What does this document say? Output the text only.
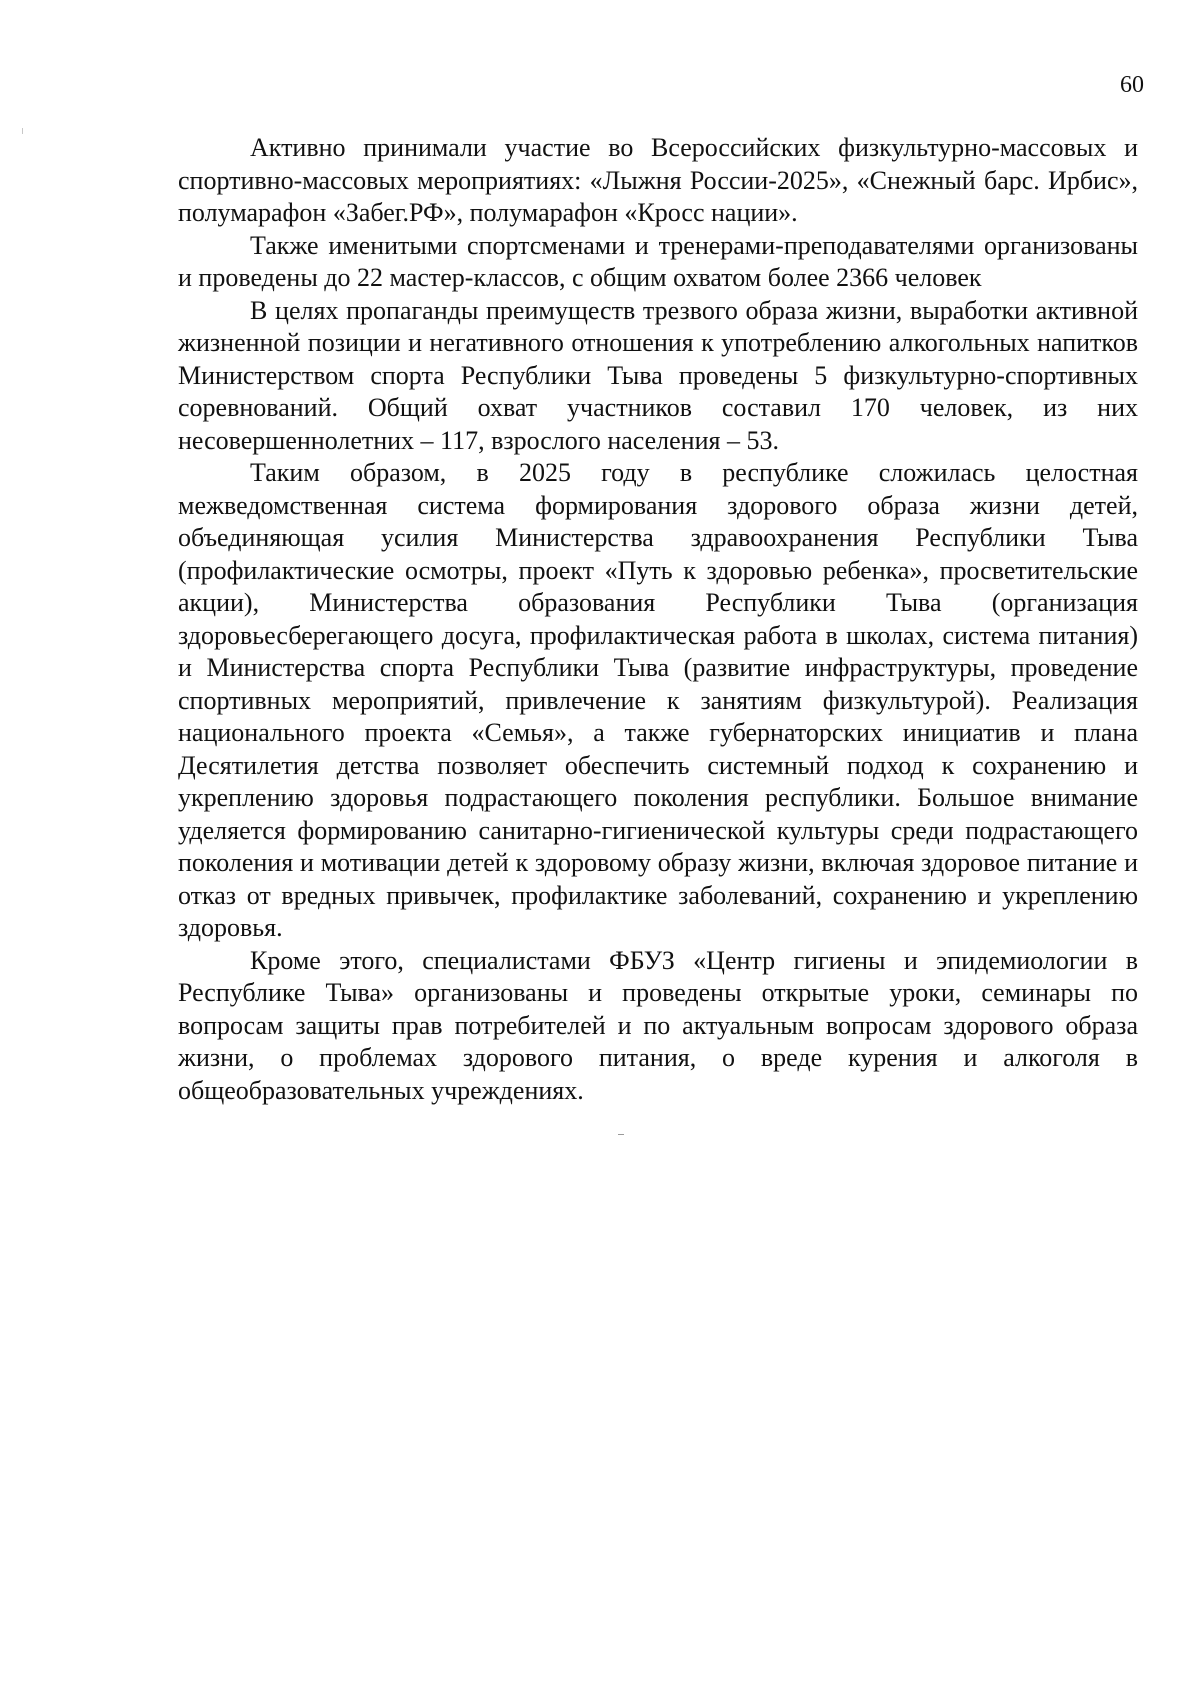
60

Активно принимали участие во Всероссийских физкультурно-массовых и спортивно-массовых мероприятиях: «Лыжня России-2025», «Снежный барс. Ирбис», полумарафон «Забег.РФ», полумарафон «Кросс нации».

Также именитыми спортсменами и тренерами-преподавателями организованы и проведены до 22 мастер-классов, с общим охватом более 2366 человек

В целях пропаганды преимуществ трезвого образа жизни, выработки активной жизненной позиции и негативного отношения к употреблению алкогольных напитков Министерством спорта Республики Тыва проведены 5 физкультурно-спортивных соревнований. Общий охват участников составил 170 человек, из них несовершеннолетних – 117, взрослого населения – 53.

Таким образом, в 2025 году в республике сложилась целостная межведомственная система формирования здорового образа жизни детей, объединяющая усилия Министерства здравоохранения Республики Тыва (профилактические осмотры, проект «Путь к здоровью ребенка», просветительские акции), Министерства образования Республики Тыва (организация здоровьесберегающего досуга, профилактическая работа в школах, система питания) и Министерства спорта Республики Тыва (развитие инфраструктуры, проведение спортивных мероприятий, привлечение к занятиям физкультурой). Реализация национального проекта «Семья», а также губернаторских инициатив и плана Десятилетия детства позволяет обеспечить системный подход к сохранению и укреплению здоровья подрастающего поколения республики. Большое внимание уделяется формированию санитарно-гигиенической культуры среди подрастающего поколения и мотивации детей к здоровому образу жизни, включая здоровое питание и отказ от вредных привычек, профилактике заболеваний, сохранению и укреплению здоровья.

Кроме этого, специалистами ФБУЗ «Центр гигиены и эпидемиологии в Республике Тыва» организованы и проведены открытые уроки, семинары по вопросам защиты прав потребителей и по актуальным вопросам здорового образа жизни, о проблемах здорового питания, о вреде курения и алкоголя в общеобразовательных учреждениях.
